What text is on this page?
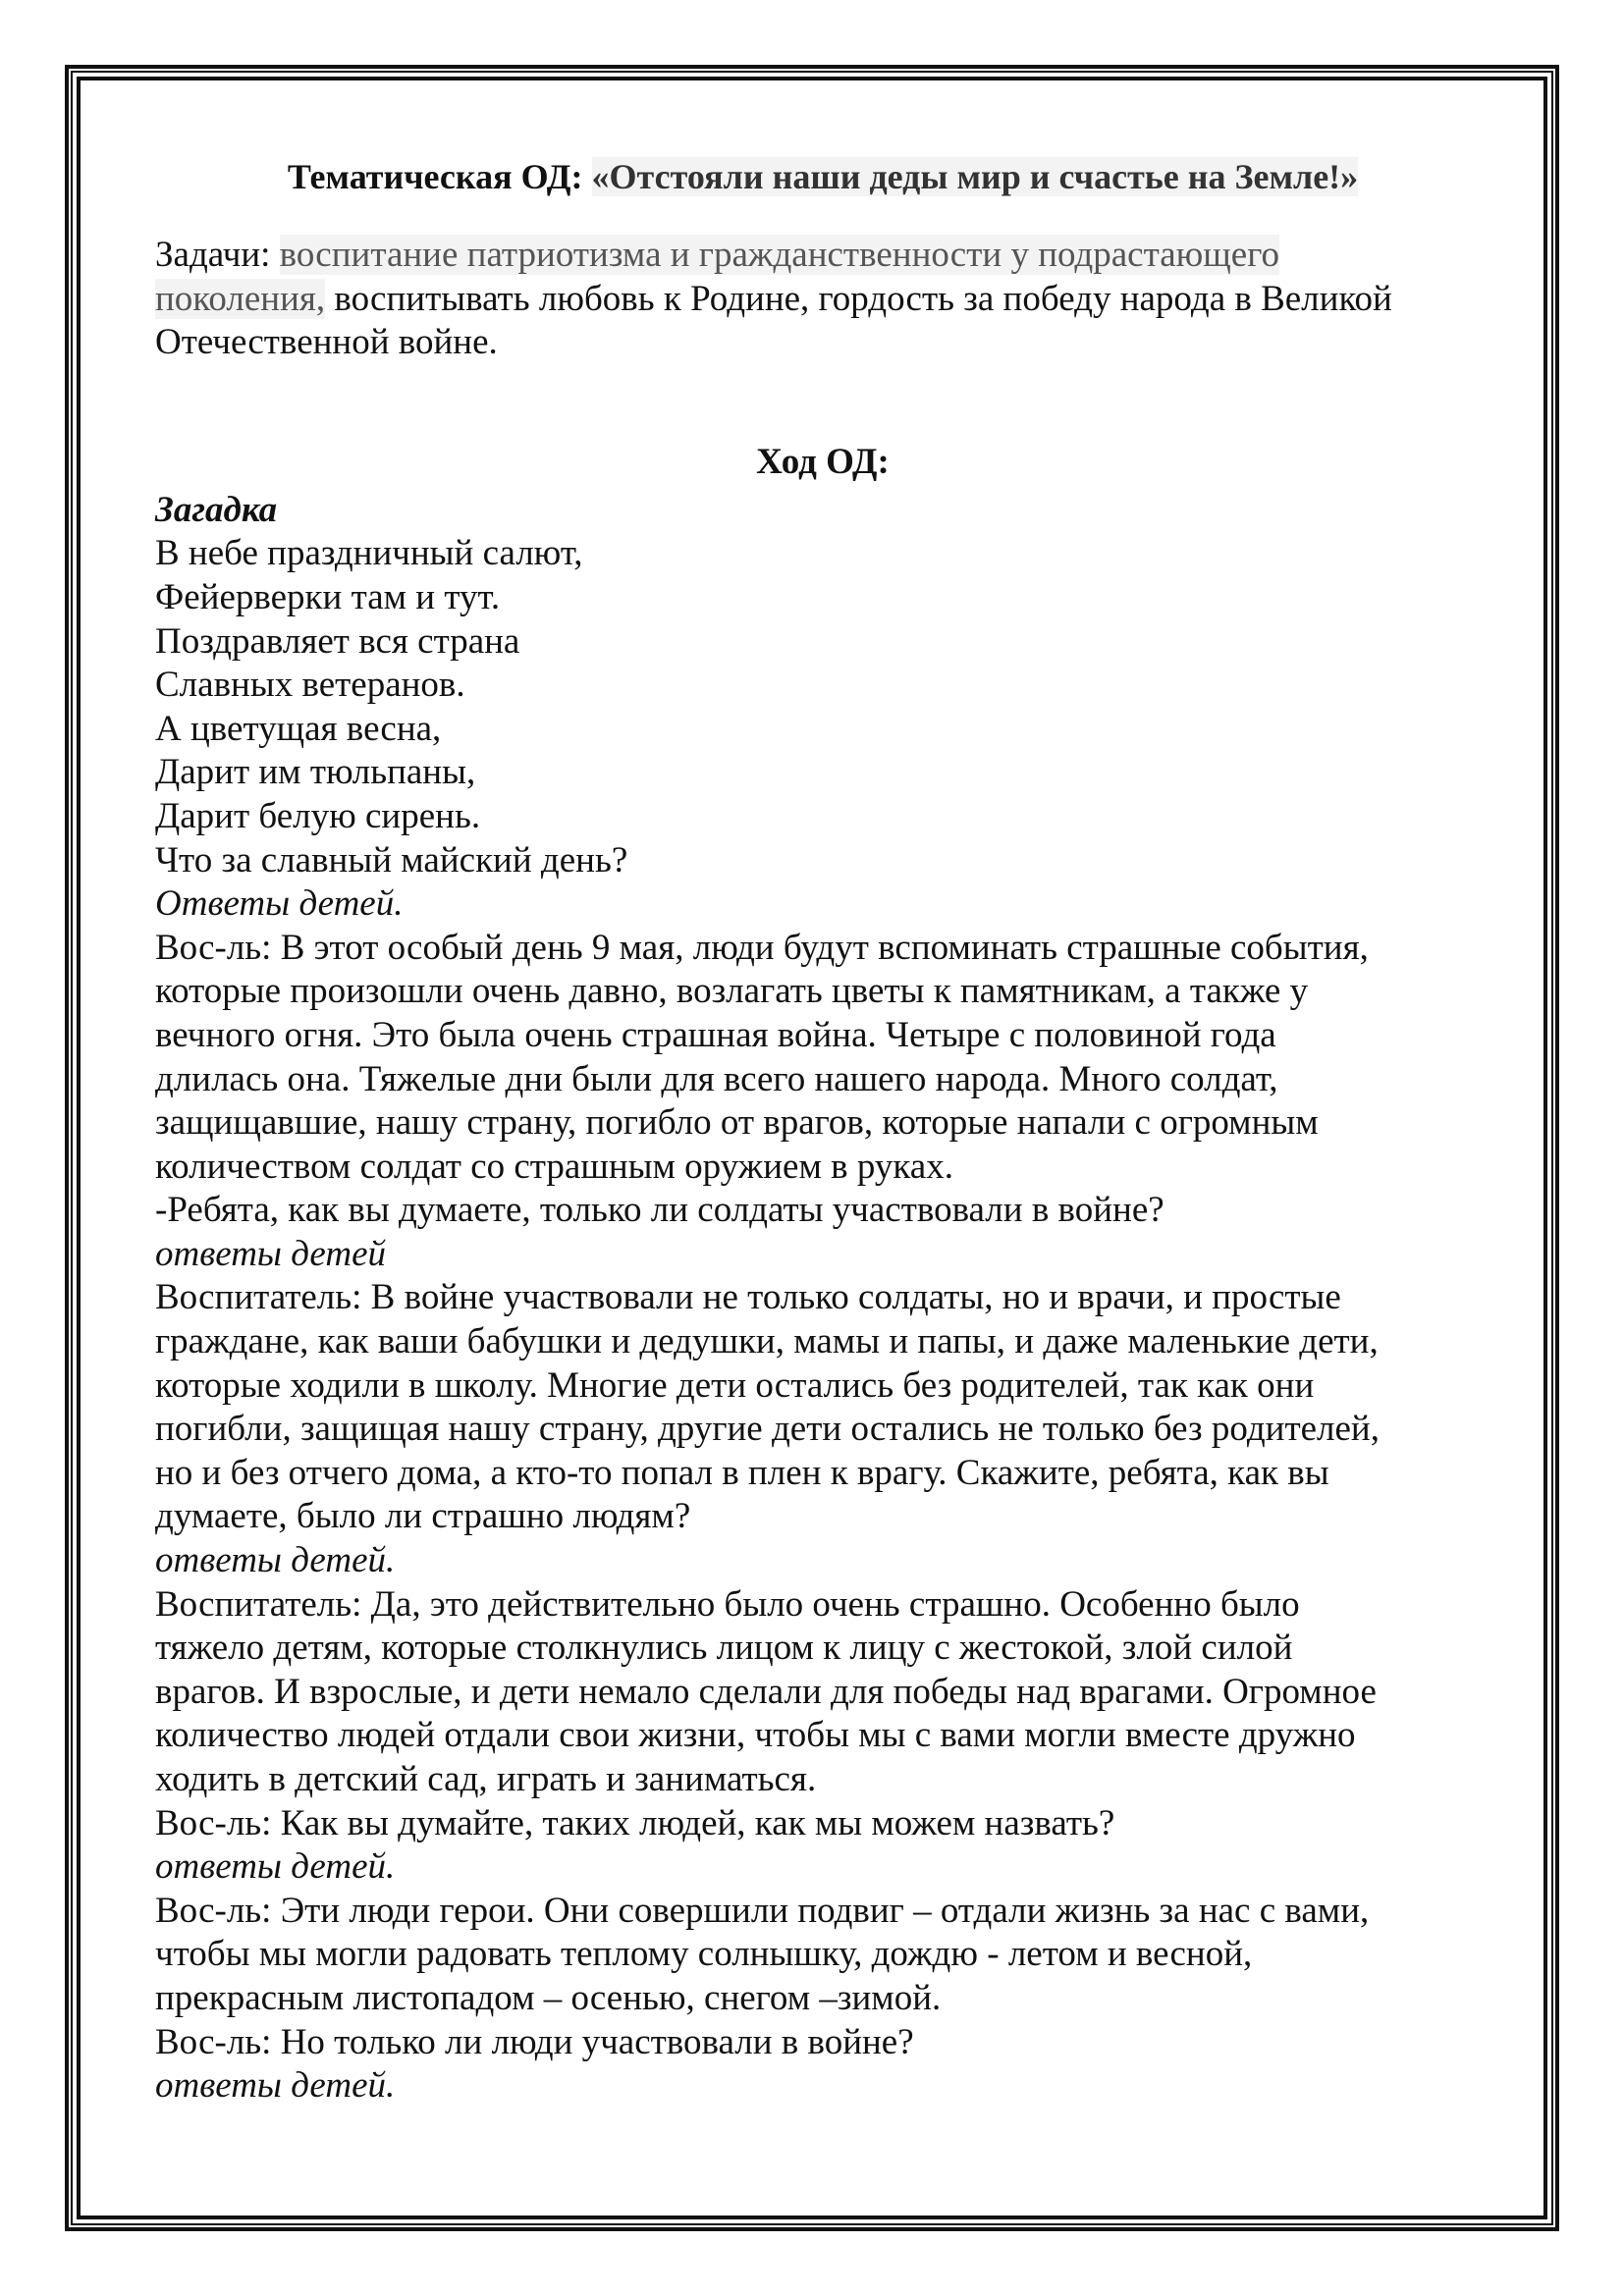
Тематическая ОД: «Отстояли наши деды мир и счастье на Земле!»

Задачи: воспитание патриотизма и гражданственности у подрастающего
поколения, воспитывать любовь к Родине, гордость за победу народа в Великой
Отечественной войне.

Ход ОД:

Загадка
В небе праздничный салют,
Фейерверки там и тут.
Поздравляет вся страна
Славных ветеранов.
А цветущая весна,
Дарит им тюльпаны,
Дарит белую сирень.
Что за славный майский день?
Ответы детей.
Вос-ль: В этот особый день 9 мая, люди будут вспоминать страшные события,
которые произошли очень давно, возлагать цветы к памятникам, а также у
вечного огня. Это была очень страшная война. Четыре с половиной года
длилась она. Тяжелые дни были для всего нашего народа. Много солдат,
защищавшие, нашу страну, погибло от врагов, которые напали с огромным
количеством солдат со страшным оружием в руках.
-Ребята, как вы думаете, только ли солдаты участвовали в войне?
ответы детей
Воспитатель: В войне участвовали не только солдаты, но и врачи, и простые
граждане, как ваши бабушки и дедушки, мамы и папы, и даже маленькие дети,
которые ходили в школу. Многие дети остались без родителей, так как они
погибли, защищая нашу страну, другие дети остались не только без родителей,
но и без отчего дома, а кто-то попал в плен к врагу. Скажите, ребята, как вы
думаете, было ли страшно людям?
ответы детей.
Воспитатель: Да, это действительно было очень страшно. Особенно было
тяжело детям, которые столкнулись лицом к лицу с жестокой, злой силой
врагов. И взрослые, и дети немало сделали для победы над врагами. Огромное
количество людей отдали свои жизни, чтобы мы с вами могли вместе дружно
ходить в детский сад, играть и заниматься.
Вос-ль: Как вы думайте, таких людей, как мы можем назвать?
ответы детей.
Вос-ль: Эти люди герои. Они совершили подвиг – отдали жизнь за нас с вами,
чтобы мы могли радовать теплому солнышку, дождю - летом и весной,
прекрасным листопадом – осенью, снегом –зимой.
Вос-ль: Но только ли люди участвовали в войне?
ответы детей.
